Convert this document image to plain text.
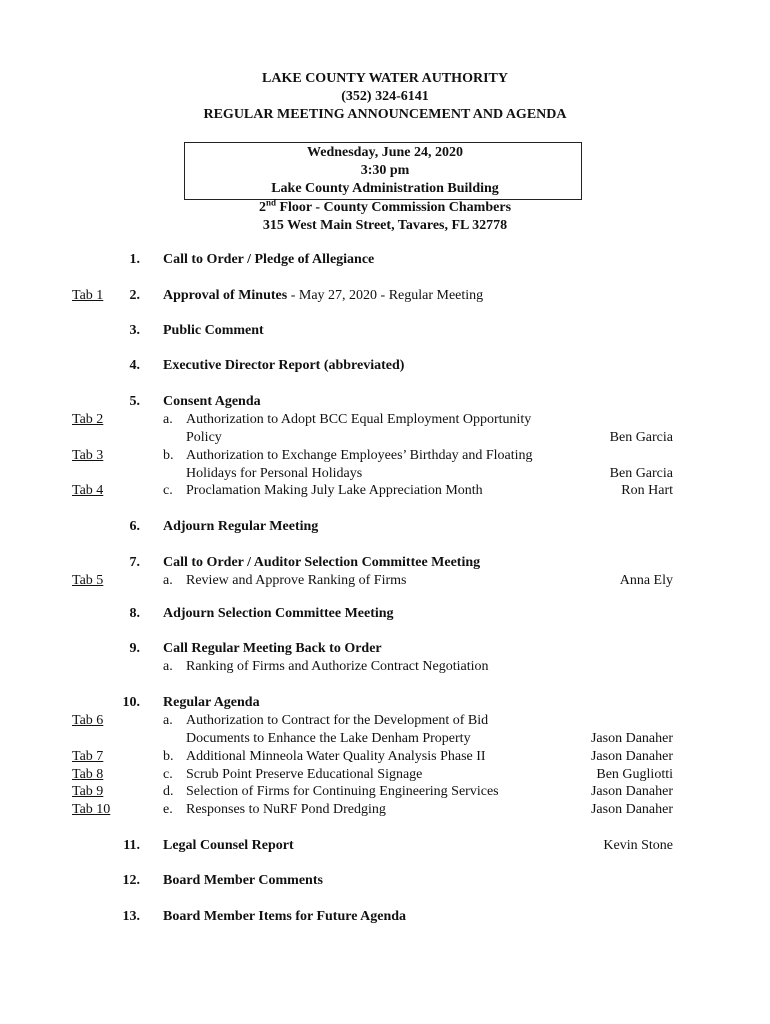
LAKE COUNTY WATER AUTHORITY
(352) 324-6141
REGULAR MEETING ANNOUNCEMENT AND AGENDA
Wednesday, June 24, 2020
3:30 pm
Lake County Administration Building
2nd Floor - County Commission Chambers
315 West Main Street, Tavares, FL 32778
1. Call to Order / Pledge of Allegiance
Tab 1	2. Approval of Minutes - May 27, 2020 - Regular Meeting
3. Public Comment
4. Executive Director Report (abbreviated)
5. Consent Agenda
Tab 2	a. Authorization to Adopt BCC Equal Employment Opportunity
Policy	Ben Garcia
Tab 3	b. Authorization to Exchange Employees’ Birthday and Floating
Holidays for Personal Holidays	Ben Garcia
Tab 4	c. Proclamation Making July Lake Appreciation Month	Ron Hart
6. Adjourn Regular Meeting
7. Call to Order / Auditor Selection Committee Meeting
Tab 5	a. Review and Approve Ranking of Firms	Anna Ely
8. Adjourn Selection Committee Meeting
9. Call Regular Meeting Back to Order
a. Ranking of Firms and Authorize Contract Negotiation
10. Regular Agenda
Tab 6	a. Authorization to Contract for the Development of Bid
Documents to Enhance the Lake Denham Property	Jason Danaher
Tab 7	b. Additional Minneola Water Quality Analysis Phase II	Jason Danaher
Tab 8	c. Scrub Point Preserve Educational Signage	Ben Gugliotti
Tab 9	d. Selection of Firms for Continuing Engineering Services	Jason Danaher
Tab 10	e. Responses to NuRF Pond Dredging	Jason Danaher
11. Legal Counsel Report	Kevin Stone
12. Board Member Comments
13. Board Member Items for Future Agenda
